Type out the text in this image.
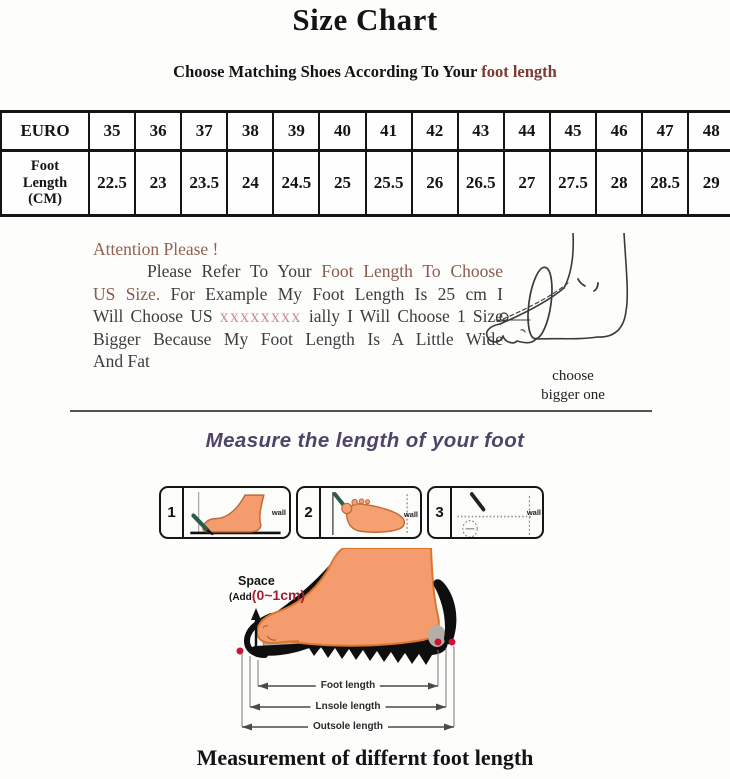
Size Chart
Choose Matching Shoes According To Your foot length
EURO	35	36	37	38	39	40	41	42	43	44	45	46	47	48

Foot
Length
(CM)	22.5	23	23.5	24	24.5	25	25.5	26	26.5	27	27.5	28	28.5	29
Attention Please !
Please Refer To Your Foot Length To Choose
US Size. For Example My Foot Length Is 25 cm I
Will Choose US xxxxxxxx ially I Will Choose 1 Size
Bigger Because My Foot Length Is A Little Wide
And Fat
choose
bigger one
Measure the length of your foot
1	wall	2	wall	3	wall
Space
(Add(0~1cm)
Foot length
Lnsole length
Outsole length
Measurement of differnt foot length
